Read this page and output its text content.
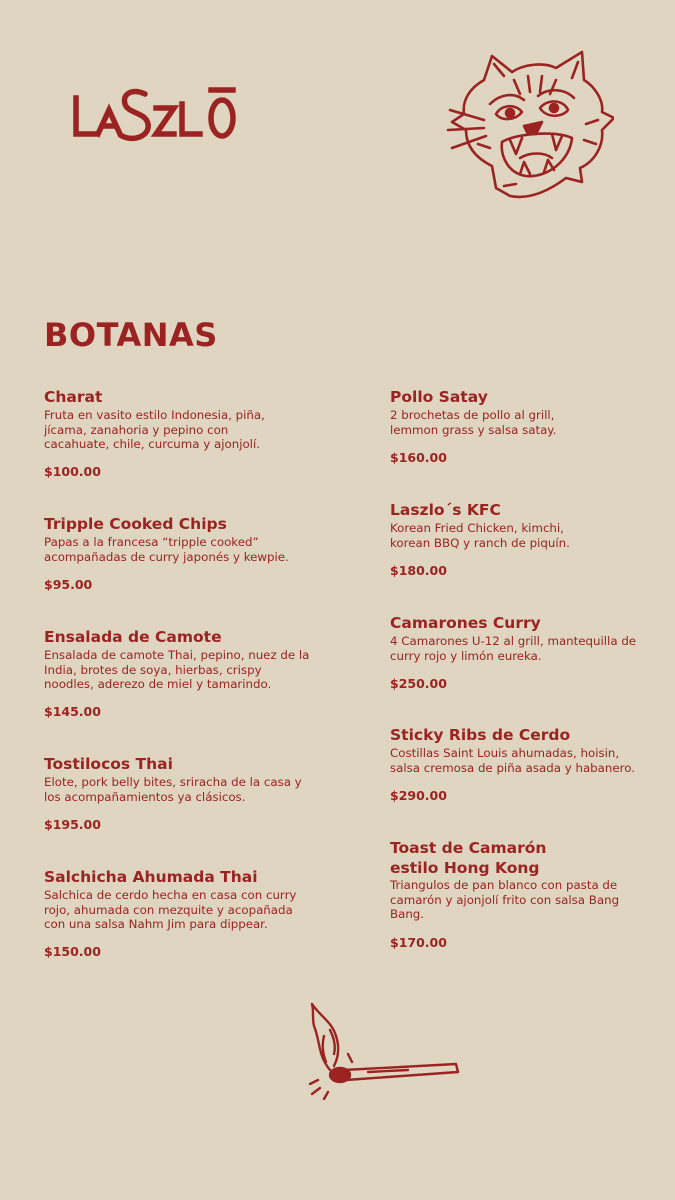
BOTANAS
Charat
Fruta en vasito estilo Indonesia, piña, jícama, zanahoria y pepino con cacahuate, chile, curcuma y ajonjolí.
$100.00
Tripple Cooked Chips
Papas a la francesa “tripple cooked” acompañadas de curry japonés y kewpie.
$95.00
Ensalada de Camote
Ensalada de camote Thai, pepino, nuez de la India, brotes de soya, hierbas, crispy noodles, aderezo de miel y tamarindo.
$145.00
Tostilocos Thai
Elote, pork belly bites, sriracha de la casa y los acompañamientos ya clásicos.
$195.00
Salchicha Ahumada Thai
Salchica de cerdo hecha en casa con curry rojo, ahumada con mezquite y acopañada con una salsa Nahm Jim para dippear.
$150.00
Pollo Satay
2 brochetas de pollo al grill, lemmon grass y salsa satay.
$160.00
Laszlo´s KFC
Korean Fried Chicken, kimchi, korean BBQ y ranch de piquín.
$180.00
Camarones Curry
4 Camarones U-12 al grill, mantequilla de curry rojo y limón eureka.
$250.00
Sticky Ribs de Cerdo
Costillas Saint Louis ahumadas, hoisin, salsa cremosa de piña asada y habanero.
$290.00
Toast de Camarón
estilo Hong Kong
Triangulos de pan blanco con pasta de camarón y ajonjolí frito con salsa Bang Bang.
$170.00
